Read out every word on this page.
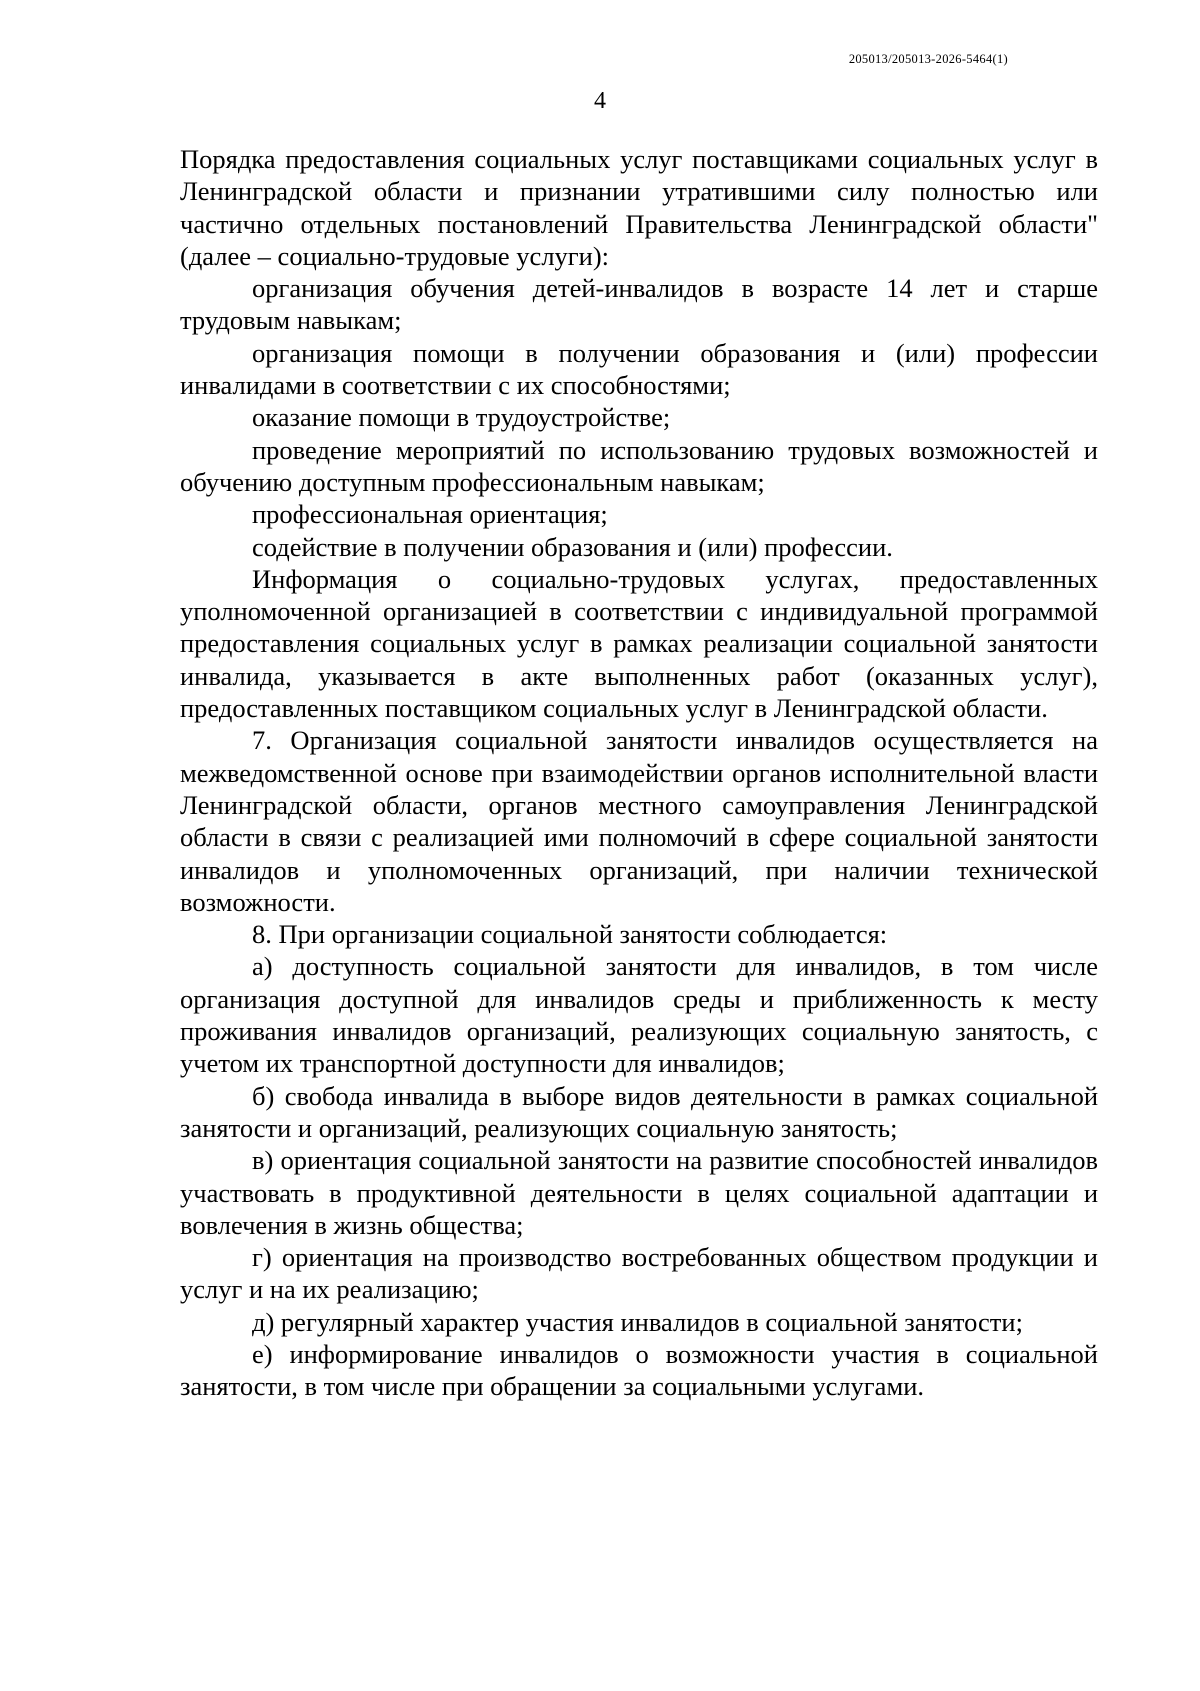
205013/205013-2026-5464(1)

4

Порядка предоставления социальных услуг поставщиками социальных услуг в Ленинградской области и признании утратившими силу полностью или частично отдельных постановлений Правительства Ленинградской области" (далее – социально-трудовые услуги):

организация обучения детей-инвалидов в возрасте 14 лет и старше трудовым навыкам;

организация помощи в получении образования и (или) профессии инвалидами в соответствии с их способностями;

оказание помощи в трудоустройстве;

проведение мероприятий по использованию трудовых возможностей и обучению доступным профессиональным навыкам;

профессиональная ориентация;

содействие в получении образования и (или) профессии.

Информация о социально-трудовых услугах, предоставленных уполномоченной организацией в соответствии с индивидуальной программой предоставления социальных услуг в рамках реализации социальной занятости инвалида, указывается в акте выполненных работ (оказанных услуг), предоставленных поставщиком социальных услуг в Ленинградской области.

7. Организация социальной занятости инвалидов осуществляется на межведомственной основе при взаимодействии органов исполнительной власти Ленинградской области, органов местного самоуправления Ленинградской области в связи с реализацией ими полномочий в сфере социальной занятости инвалидов и уполномоченных организаций, при наличии технической возможности.

8. При организации социальной занятости соблюдается:

а) доступность социальной занятости для инвалидов, в том числе организация доступной для инвалидов среды и приближенность к месту проживания инвалидов организаций, реализующих социальную занятость, с учетом их транспортной доступности для инвалидов;

б) свобода инвалида в выборе видов деятельности в рамках социальной занятости и организаций, реализующих социальную занятость;

в) ориентация социальной занятости на развитие способностей инвалидов участвовать в продуктивной деятельности в целях социальной адаптации и вовлечения в жизнь общества;

г) ориентация на производство востребованных обществом продукции и услуг и на их реализацию;

д) регулярный характер участия инвалидов в социальной занятости;

е) информирование инвалидов о возможности участия в социальной занятости, в том числе при обращении за социальными услугами.
